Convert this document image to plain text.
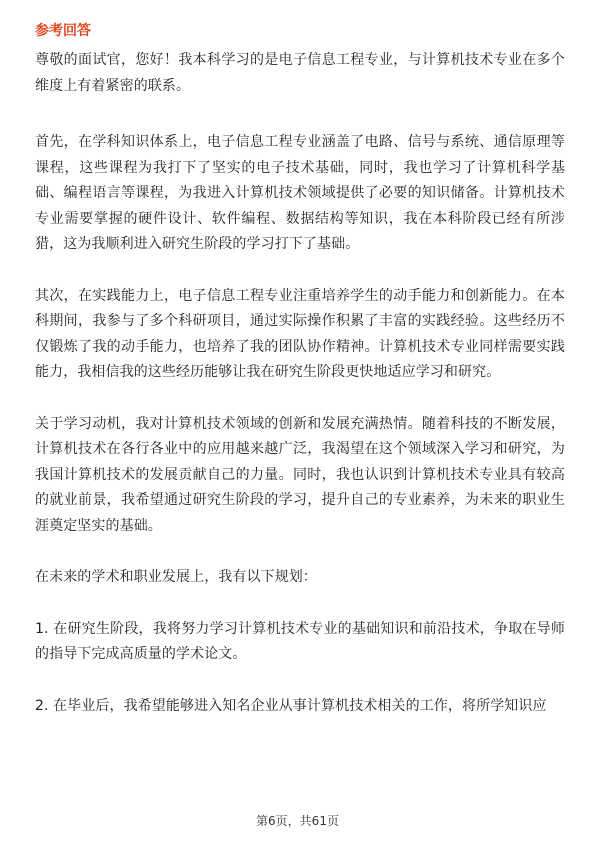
参考回答

尊敬的面试官，您好！我本科学习的是电子信息工程专业，与计算机技术专业在多个维度上有着紧密的联系。

首先，在学科知识体系上，电子信息工程专业涵盖了电路、信号与系统、通信原理等课程，这些课程为我打下了坚实的电子技术基础，同时，我也学习了计算机科学基础、编程语言等课程，为我进入计算机技术领域提供了必要的知识储备。计算机技术专业需要掌握的硬件设计、软件编程、数据结构等知识，我在本科阶段已经有所涉猎，这为我顺利进入研究生阶段的学习打下了基础。

其次，在实践能力上，电子信息工程专业注重培养学生的动手能力和创新能力。在本科期间，我参与了多个科研项目，通过实际操作积累了丰富的实践经验。这些经历不仅锻炼了我的动手能力，也培养了我的团队协作精神。计算机技术专业同样需要实践能力，我相信我的这些经历能够让我在研究生阶段更快地适应学习和研究。

关于学习动机，我对计算机技术领域的创新和发展充满热情。随着科技的不断发展，计算机技术在各行各业中的应用越来越广泛，我渴望在这个领域深入学习和研究，为我国计算机技术的发展贡献自己的力量。同时，我也认识到计算机技术专业具有较高的就业前景，我希望通过研究生阶段的学习，提升自己的专业素养，为未来的职业生涯奠定坚实的基础。

在未来的学术和职业发展上，我有以下规划：

1. 在研究生阶段，我将努力学习计算机技术专业的基础知识和前沿技术，争取在导师的指导下完成高质量的学术论文。

2. 在毕业后，我希望能够进入知名企业从事计算机技术相关的工作，将所学知识应

第6页，共61页
